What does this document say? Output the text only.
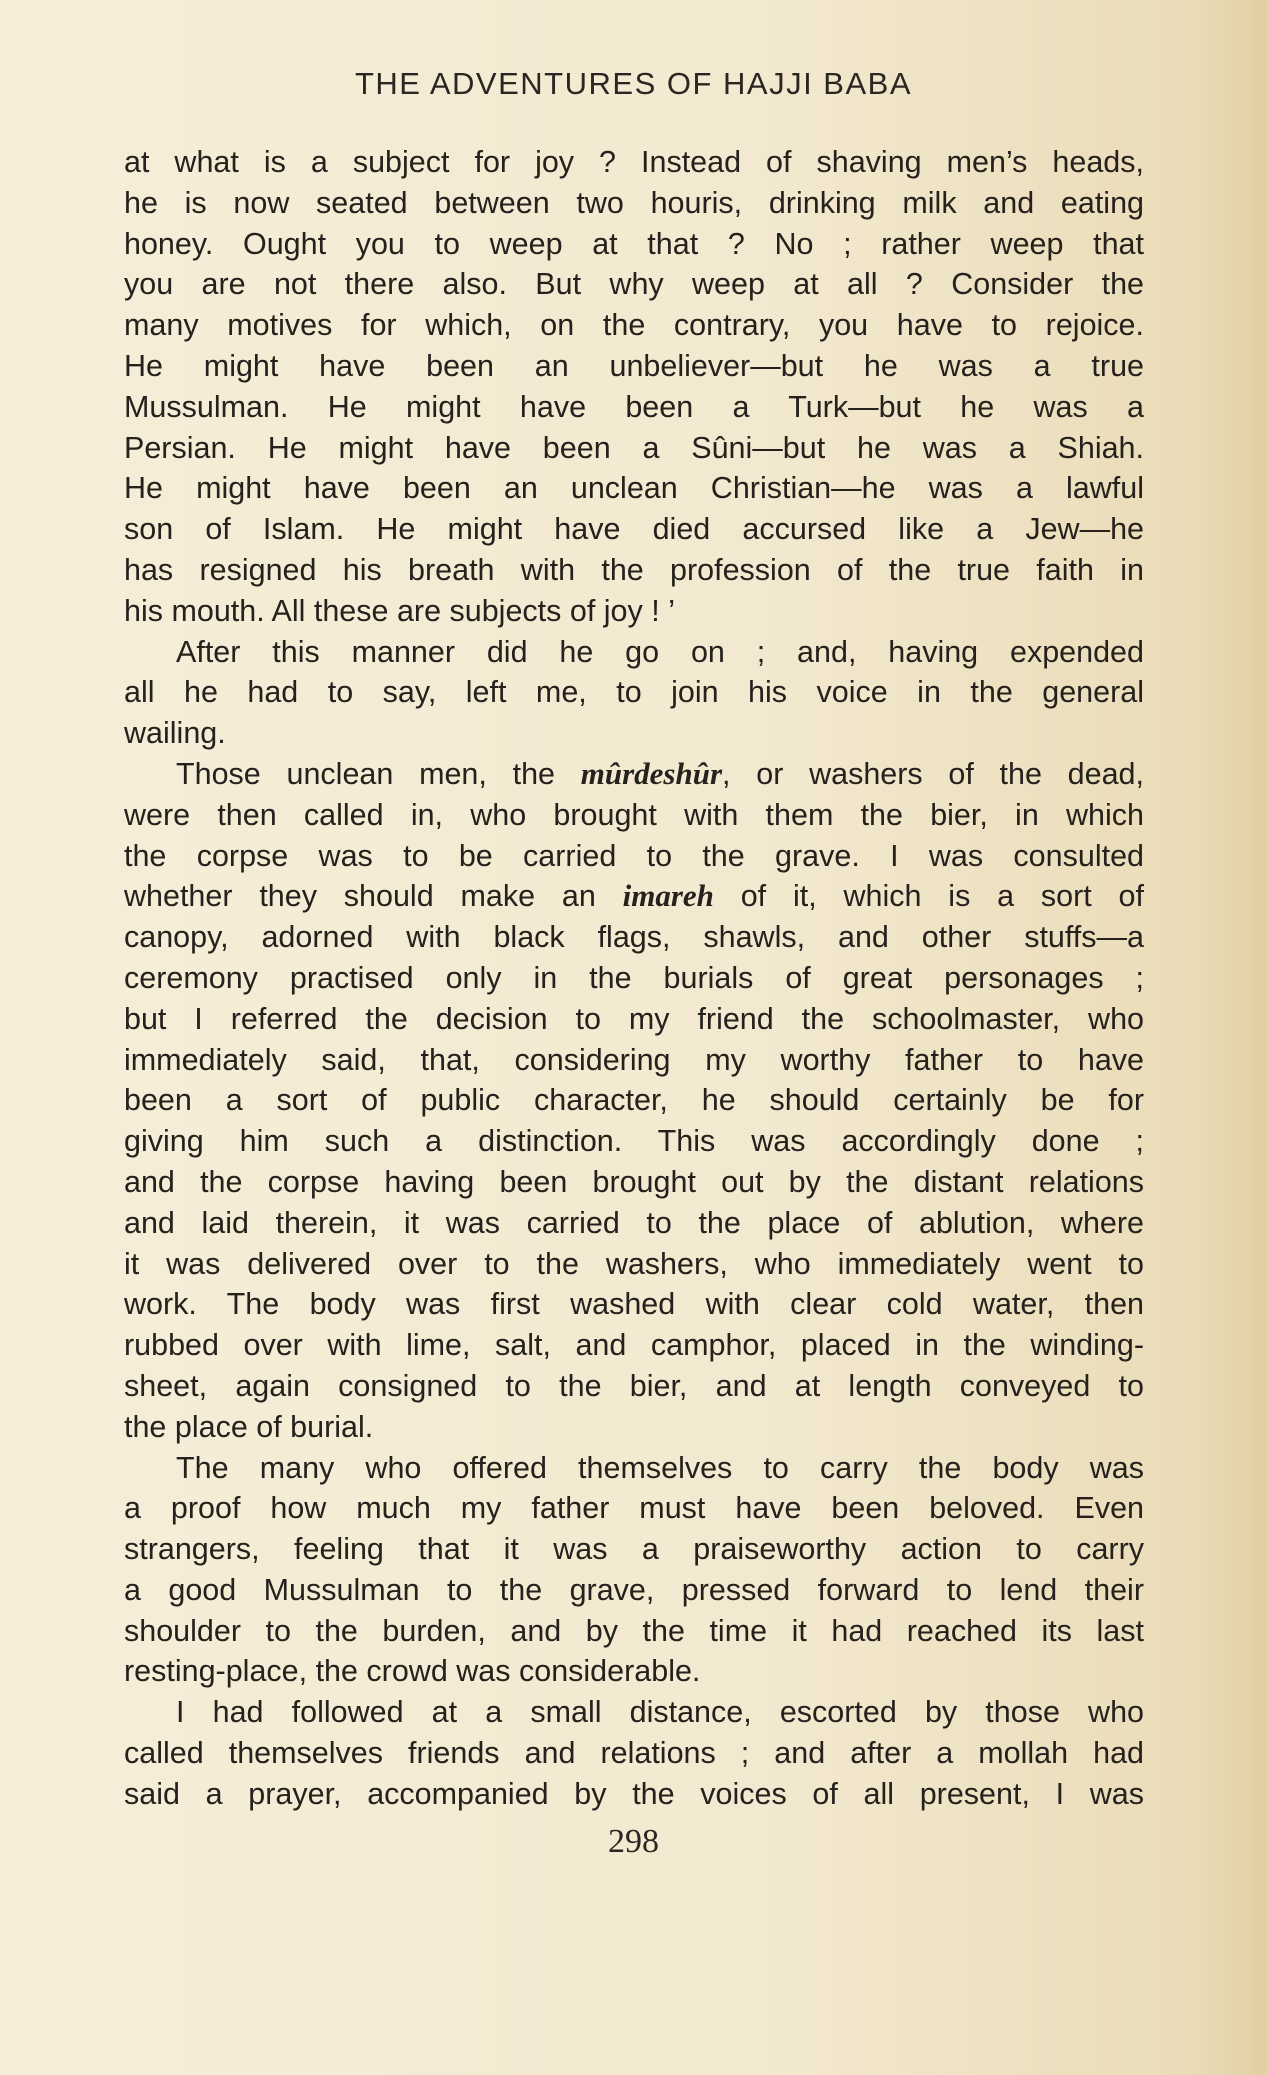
THE ADVENTURES OF HAJJI BABA
at what is a subject for joy ? Instead of shaving men’s heads,
he is now seated between two houris, drinking milk and eating
honey. Ought you to weep at that ? No ; rather weep that
you are not there also. But why weep at all ? Consider the
many motives for which, on the contrary, you have to rejoice.
He might have been an unbeliever—but he was a true
Mussulman. He might have been a Turk—but he was a
Persian. He might have been a Sûni—but he was a Shiah.
He might have been an unclean Christian—he was a lawful
son of Islam. He might have died accursed like a Jew—he
has resigned his breath with the profession of the true faith in
his mouth. All these are subjects of joy ! ’
After this manner did he go on ; and, having expended
all he had to say, left me, to join his voice in the general
wailing.
Those unclean men, the mûrdeshûr, or washers of the dead,
were then called in, who brought with them the bier, in which
the corpse was to be carried to the grave. I was consulted
whether they should make an imareh of it, which is a sort of
canopy, adorned with black flags, shawls, and other stuffs—a
ceremony practised only in the burials of great personages ;
but I referred the decision to my friend the schoolmaster, who
immediately said, that, considering my worthy father to have
been a sort of public character, he should certainly be for
giving him such a distinction. This was accordingly done ;
and the corpse having been brought out by the distant relations
and laid therein, it was carried to the place of ablution, where
it was delivered over to the washers, who immediately went to
work. The body was first washed with clear cold water, then
rubbed over with lime, salt, and camphor, placed in the winding-
sheet, again consigned to the bier, and at length conveyed to
the place of burial.
The many who offered themselves to carry the body was
a proof how much my father must have been beloved. Even
strangers, feeling that it was a praiseworthy action to carry
a good Mussulman to the grave, pressed forward to lend their
shoulder to the burden, and by the time it had reached its last
resting-place, the crowd was considerable.
I had followed at a small distance, escorted by those who
called themselves friends and relations ; and after a mollah had
said a prayer, accompanied by the voices of all present, I was
298
